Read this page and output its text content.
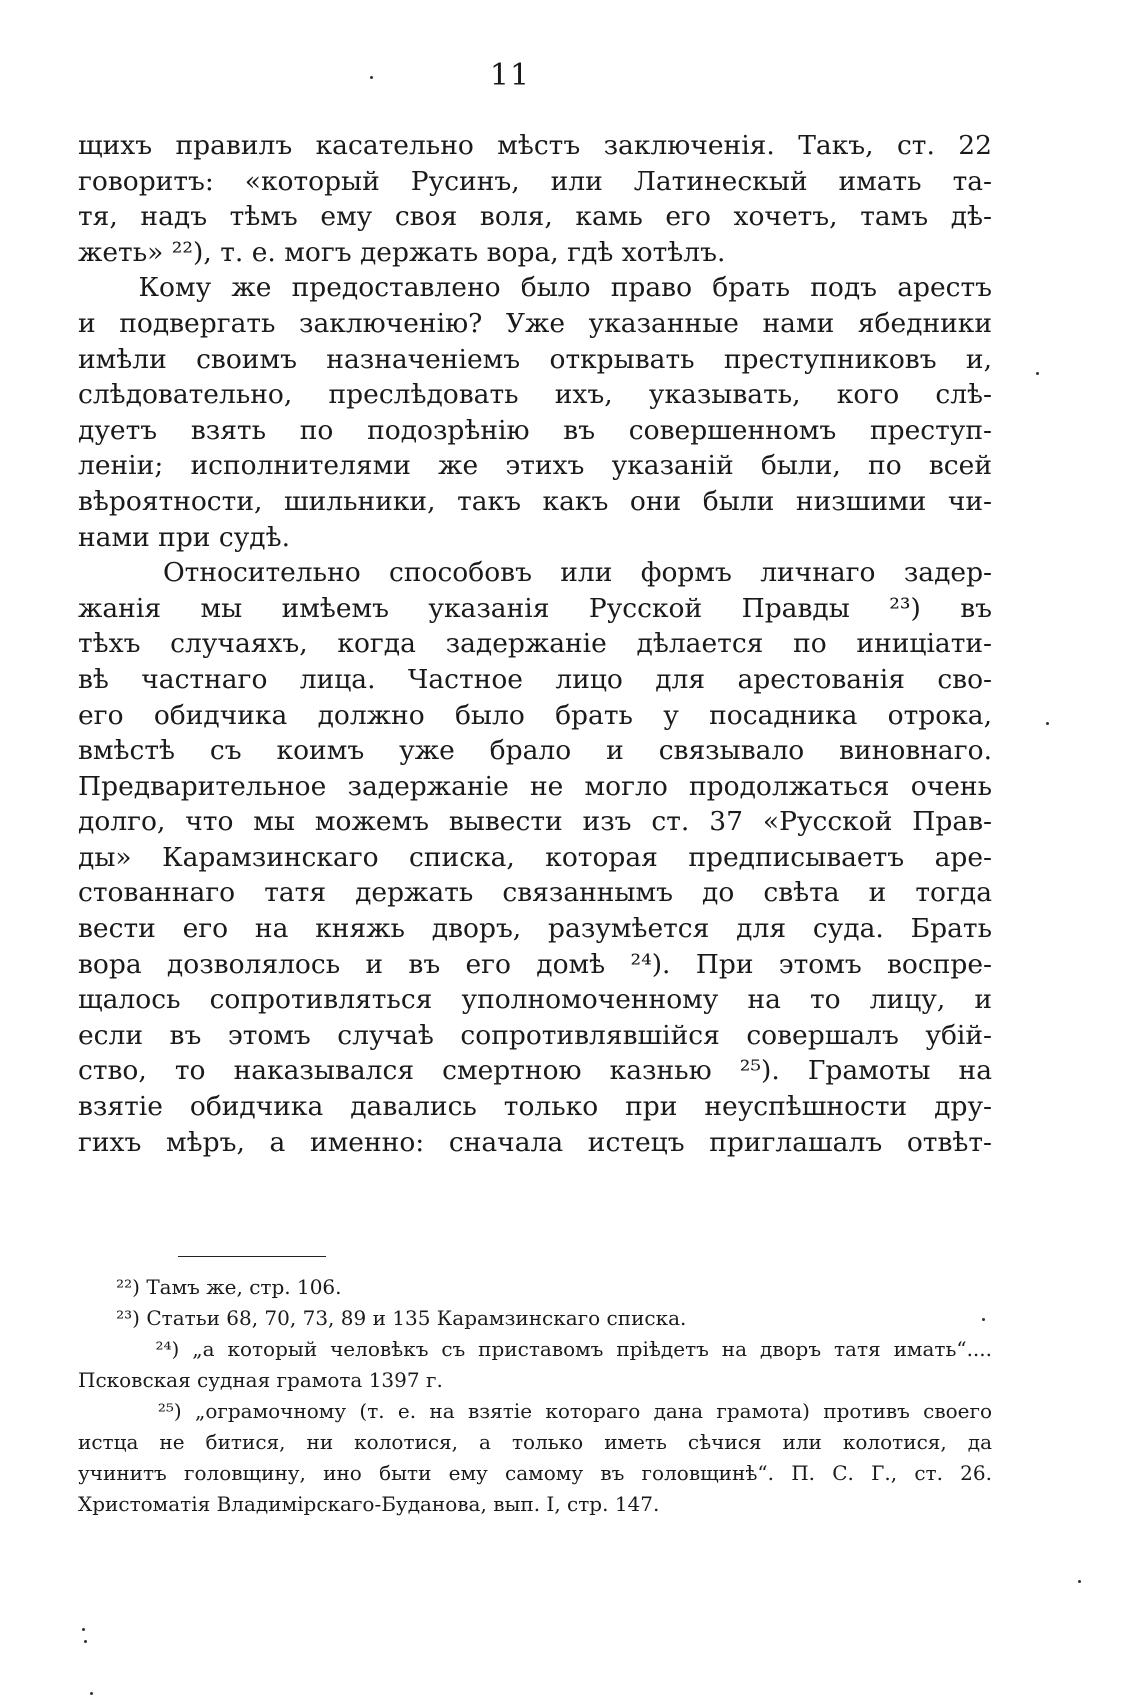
11
щихъ правилъ касательно мѣстъ заключенія. Такъ, ст. 22
говоритъ: «который Русинъ, или Латинескый имать та-
тя, надъ тѣмъ ему своя воля, камь его хочетъ, тамъ дѣ-
жеть» ²²), т. е. могъ держать вора, гдѣ хотѣлъ.
Кому же предоставлено было право брать подъ арестъ
и подвергать заключенію? Уже указанные нами ябедники
имѣли своимъ назначеніемъ открывать преступниковъ и,
слѣдовательно, преслѣдовать ихъ, указывать, кого слѣ-
дуетъ взять по подозрѣнію въ совершенномъ преступ-
леніи; исполнителями же этихъ указаній были, по всей
вѣроятности, шильники, такъ какъ они были низшими чи-
нами при судѣ.
Относительно способовъ или формъ личнаго задер-
жанія мы имѣемъ указанія Русской Правды ²³) въ
тѣхъ случаяхъ, когда задержаніе дѣлается по иниціати-
вѣ частнаго лица. Частное лицо для арестованія сво-
его обидчика должно было брать у посадника отрока,
вмѣстѣ съ коимъ уже брало и связывало виновнаго.
Предварительное задержаніе не могло продолжаться очень
долго, что мы можемъ вывести изъ ст. 37 «Русской Прав-
ды» Карамзинскаго списка, которая предписываетъ аре-
стованнаго татя держать связаннымъ до свѣта и тогда
вести его на княжь дворъ, разумѣется для суда. Брать
вора дозволялось и въ его домѣ ²⁴). При этомъ воспре-
щалось сопротивляться уполномоченному на то лицу, и
если въ этомъ случаѣ сопротивлявшійся совершалъ убій-
ство, то наказывался смертною казнью ²⁵). Грамоты на
взятіе обидчика давались только при неуспѣшности дру-
гихъ мѣръ, а именно: сначала истецъ приглашалъ отвѣт-
²²) Тамъ же, стр. 106.
²³) Статьи 68, 70, 73, 89 и 135 Карамзинскаго списка.
²⁴) „а который человѣкъ съ приставомъ пріѣдетъ на дворъ татя имать“....
Псковская судная грамота 1397 г.
²⁵) „ограмочному (т. е. на взятіе котораго дана грамота) противъ своего
истца не битися, ни колотися, а только иметь сѣчися или колотися, да
учинитъ головщину, ино быти ему самому въ головщинѣ“. П. С. Г., ст. 26.
Христоматія Владимірскаго-Буданова, вып. I, стр. 147.
